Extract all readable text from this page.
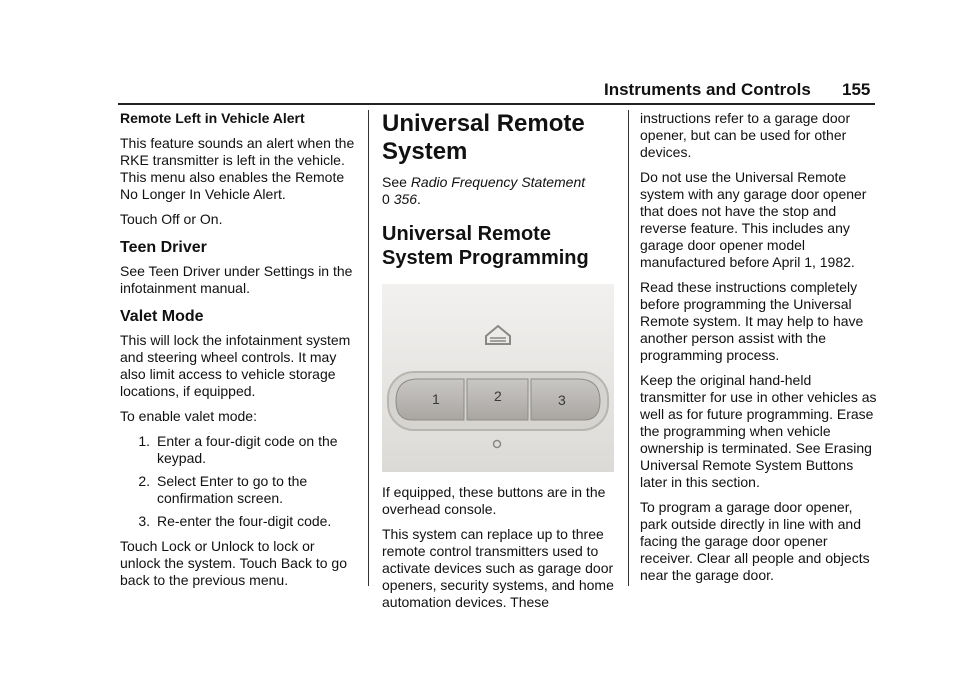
Instruments and Controls 155

Remote Left in Vehicle Alert

This feature sounds an alert when the RKE transmitter is left in the vehicle. This menu also enables the Remote No Longer In Vehicle Alert.

Touch Off or On.

Teen Driver

See Teen Driver under Settings in the infotainment manual.

Valet Mode

This will lock the infotainment system and steering wheel controls. It may also limit access to vehicle storage locations, if equipped.

To enable valet mode:

1. Enter a four-digit code on the keypad.
2. Select Enter to go to the confirmation screen.
3. Re-enter the four-digit code.

Touch Lock or Unlock to lock or unlock the system. Touch Back to go back to the previous menu.

Universal Remote System

See Radio Frequency Statement
0 356.

Universal Remote System Programming
1	2	3

If equipped, these buttons are in the overhead console.

This system can replace up to three remote control transmitters used to activate devices such as garage door openers, security systems, and home automation devices. These

instructions refer to a garage door opener, but can be used for other devices.

Do not use the Universal Remote system with any garage door opener that does not have the stop and reverse feature. This includes any garage door opener model manufactured before April 1, 1982.

Read these instructions completely before programming the Universal Remote system. It may help to have another person assist with the programming process.

Keep the original hand-held transmitter for use in other vehicles as well as for future programming. Erase the programming when vehicle ownership is terminated. See Erasing Universal Remote System Buttons later in this section.

To program a garage door opener, park outside directly in line with and facing the garage door opener receiver. Clear all people and objects near the garage door.
